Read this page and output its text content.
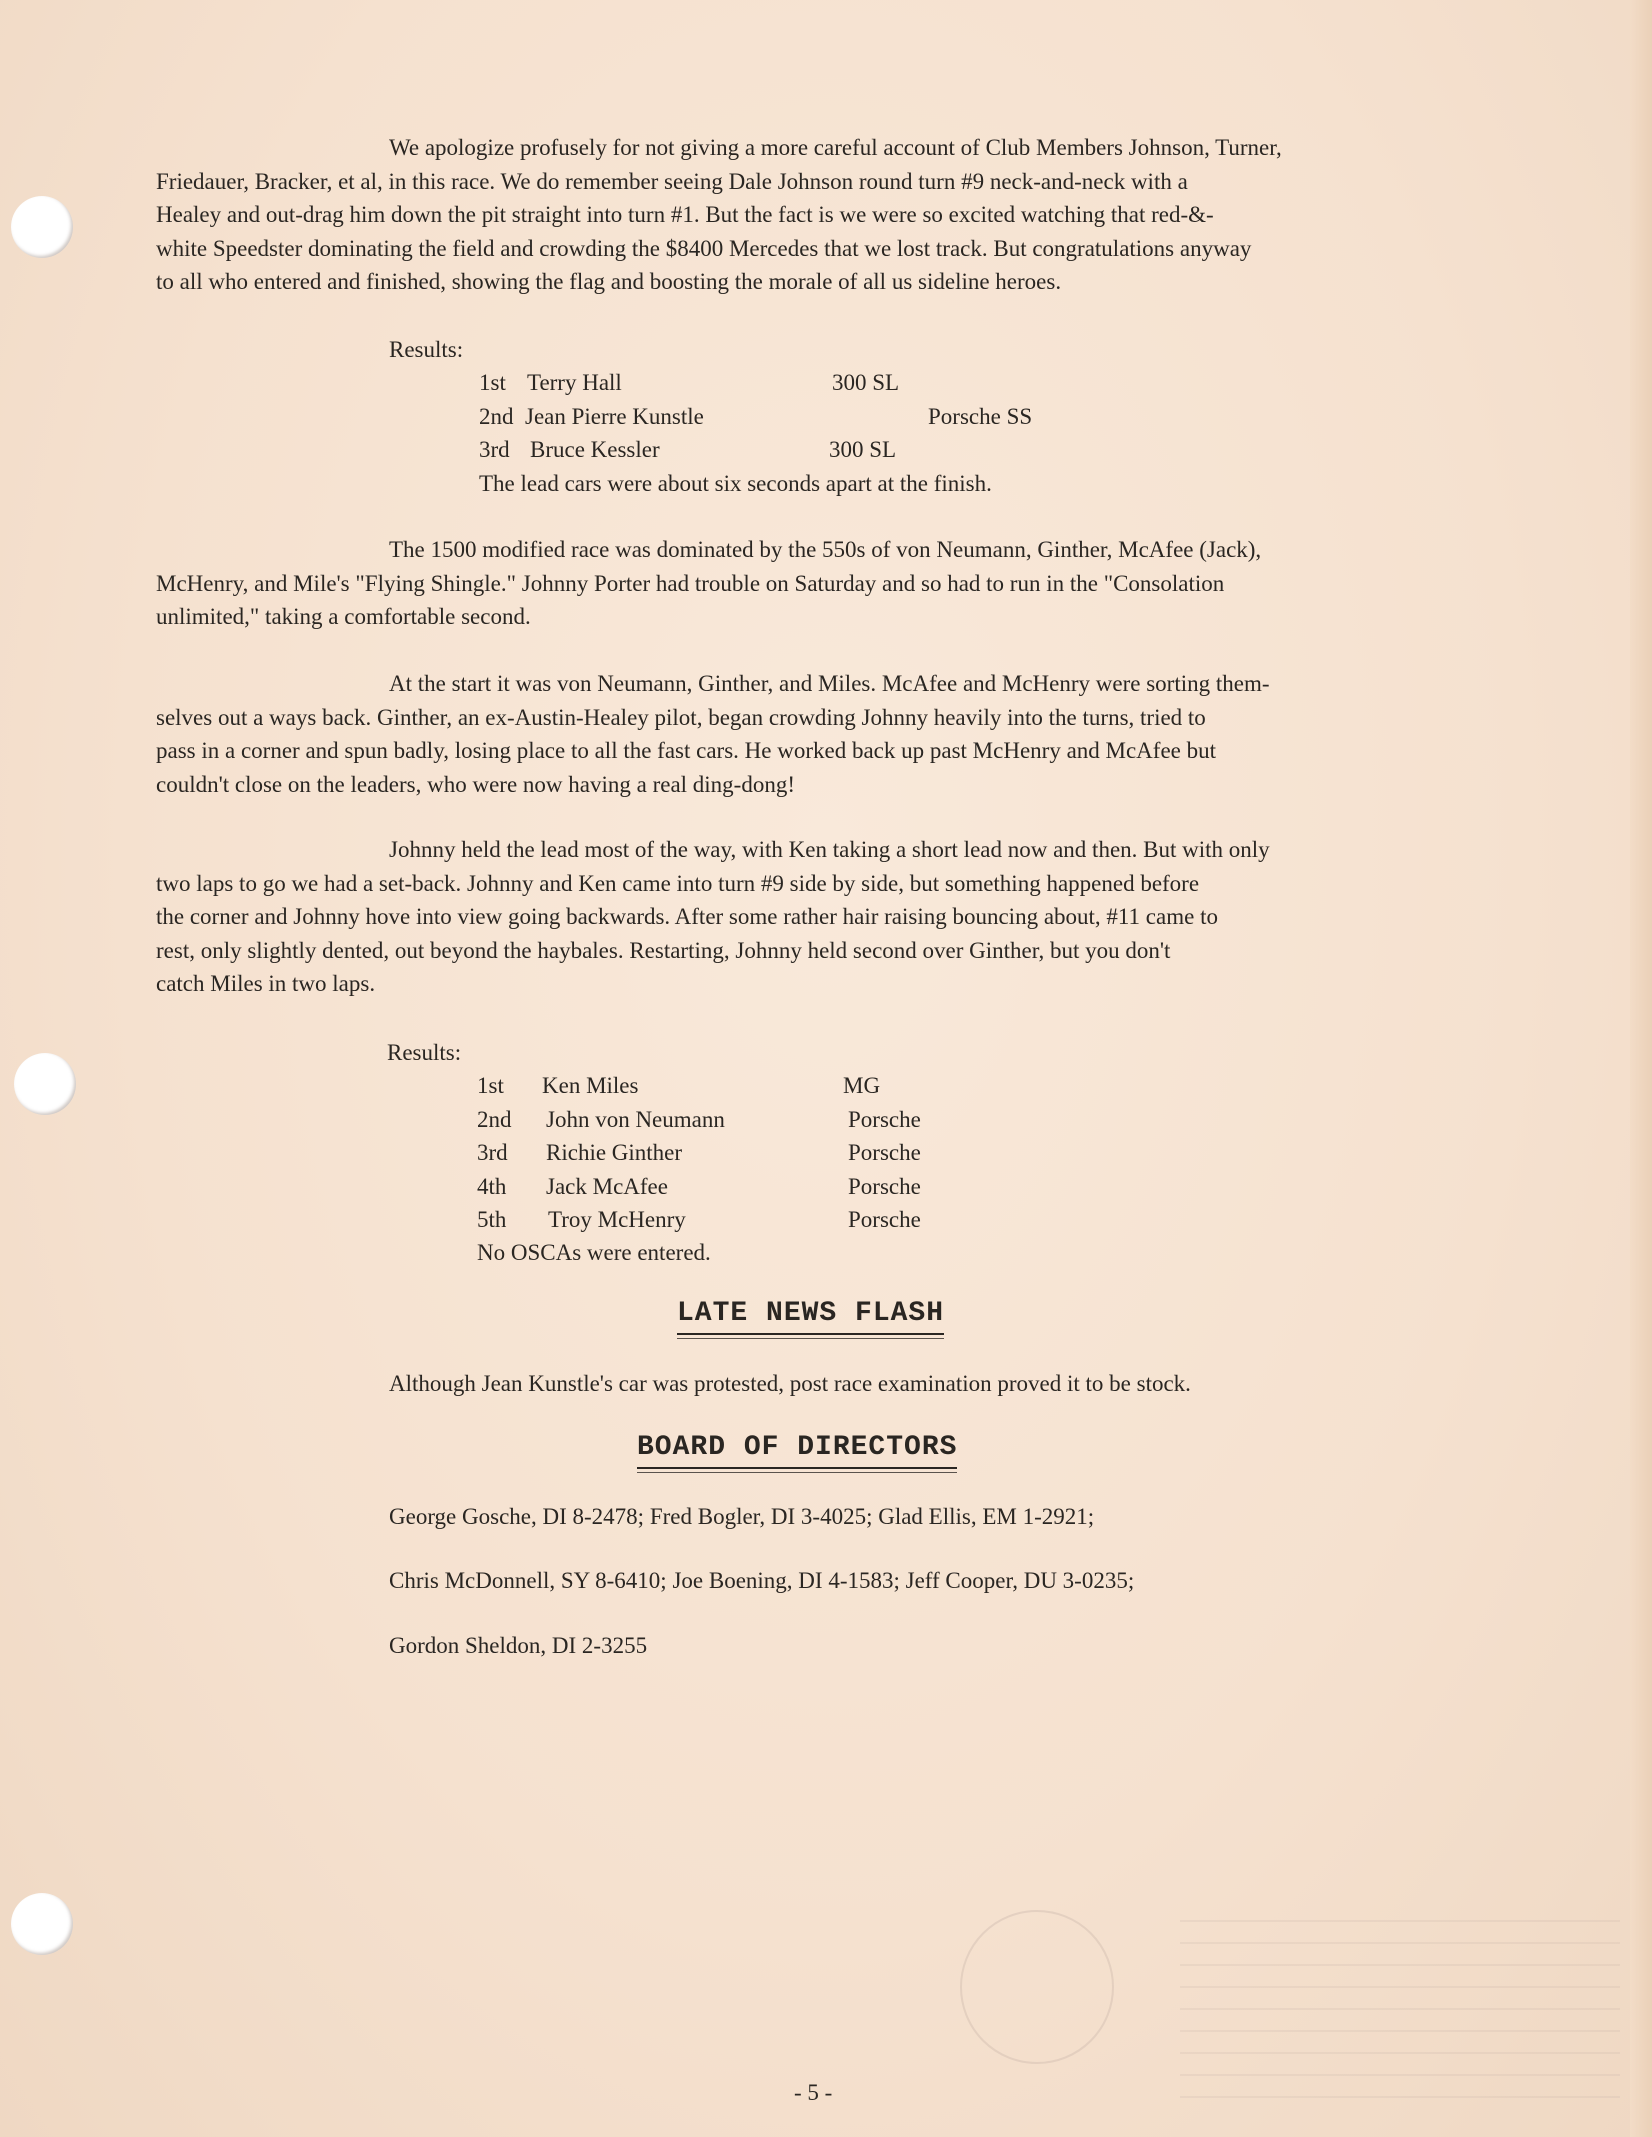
We apologize profusely for not giving a more careful account of Club Members Johnson, Turner,
Friedauer, Bracker, et al, in this race. We do remember seeing Dale Johnson round turn #9 neck-and-neck with a
Healey and out-drag him down the pit straight into turn #1. But the fact is we were so excited watching that red-&-
white Speedster dominating the field and crowding the $8400 Mercedes that we lost track. But congratulations anyway
to all who entered and finished, showing the flag and boosting the morale of all us sideline heroes.
Results:
1st Terry Hall	300 SL
2nd Jean Pierre Kunstle	Porsche SS
3rd Bruce Kessler	300 SL
The lead cars were about six seconds apart at the finish.
The 1500 modified race was dominated by the 550s of von Neumann, Ginther, McAfee (Jack),
McHenry, and Mile's "Flying Shingle." Johnny Porter had trouble on Saturday and so had to run in the "Consolation
unlimited," taking a comfortable second.
At the start it was von Neumann, Ginther, and Miles. McAfee and McHenry were sorting them-
selves out a ways back. Ginther, an ex-Austin-Healey pilot, began crowding Johnny heavily into the turns, tried to
pass in a corner and spun badly, losing place to all the fast cars. He worked back up past McHenry and McAfee but
couldn't close on the leaders, who were now having a real ding-dong!
Johnny held the lead most of the way, with Ken taking a short lead now and then. But with only
two laps to go we had a set-back. Johnny and Ken came into turn #9 side by side, but something happened before
the corner and Johnny hove into view going backwards. After some rather hair raising bouncing about, #11 came to
rest, only slightly dented, out beyond the haybales. Restarting, Johnny held second over Ginther, but you don't
catch Miles in two laps.
Results:
1st Ken Miles	MG
2nd John von Neumann	Porsche
3rd Richie Ginther	Porsche
4th Jack McAfee	Porsche
5th Troy McHenry	Porsche
No OSCAs were entered.
LATE NEWS FLASH
Although Jean Kunstle's car was protested, post race examination proved it to be stock.
BOARD OF DIRECTORS
George Gosche, DI 8-2478; Fred Bogler, DI 3-4025; Glad Ellis, EM 1-2921;
Chris McDonnell, SY 8-6410; Joe Boening, DI 4-1583; Jeff Cooper, DU 3-0235;
Gordon Sheldon, DI 2-3255
- 5 -
